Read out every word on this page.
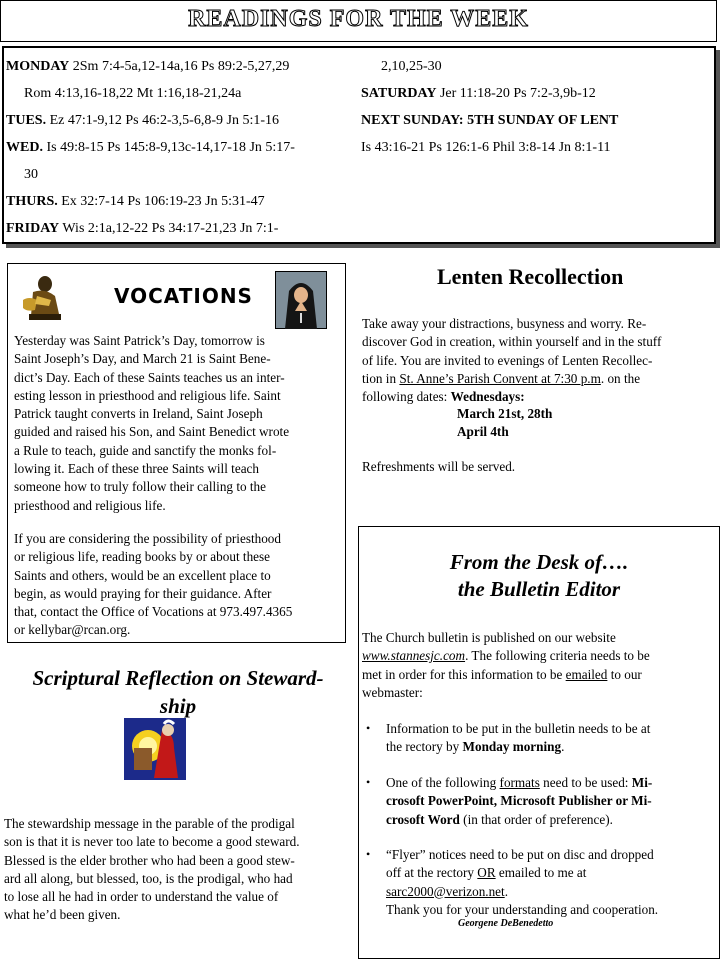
READINGS FOR THE WEEK
MONDAY 2Sm 7:4-5a,12-14a,16 Ps 89:2-5,27,29
Rom 4:13,16-18,22 Mt 1:16,18-21,24a
TUES. Ez 47:1-9,12 Ps 46:2-3,5-6,8-9 Jn 5:1-16
WED. Is 49:8-15 Ps 145:8-9,13c-14,17-18 Jn 5:17-
30
THURS. Ex 32:7-14 Ps 106:19-23 Jn 5:31-47
FRIDAY Wis 2:1a,12-22 Ps 34:17-21,23 Jn 7:1-
2,10,25-30
SATURDAY Jer 11:18-20 Ps 7:2-3,9b-12
NEXT SUNDAY: 5TH SUNDAY OF LENT
Is 43:16-21 Ps 126:1-6 Phil 3:8-14 Jn 8:1-11
VOCATIONS
Yesterday was Saint Patrick’s Day, tomorrow is
Saint Joseph’s Day, and March 21 is Saint Bene-
dict’s Day. Each of these Saints teaches us an inter-
esting lesson in priesthood and religious life. Saint
Patrick taught converts in Ireland, Saint Joseph
guided and raised his Son, and Saint Benedict wrote
a Rule to teach, guide and sanctify the monks fol-
lowing it. Each of these three Saints will teach
someone how to truly follow their calling to the
priesthood and religious life.
If you are considering the possibility of priesthood
or religious life, reading books by or about these
Saints and others, would be an excellent place to
begin, as would praying for their guidance. After
that, contact the Office of Vocations at 973.497.4365
or kellybar@rcan.org.
Scriptural Reflection on Steward-
ship
The stewardship message in the parable of the prodigal
son is that it is never too late to become a good steward.
Blessed is the elder brother who had been a good stew-
ard all along, but blessed, too, is the prodigal, who had
to lose all he had in order to understand the value of
what he’d been given.
Lenten Recollection
Take away your distractions, busyness and worry. Re-
discover God in creation, within yourself and in the stuff
of life. You are invited to evenings of Lenten Recollec-
tion in St. Anne’s Parish Convent at 7:30 p.m. on the
following dates: Wednesdays:
March 21st, 28th
April 4th
Refreshments will be served.
From the Desk of….
the Bulletin Editor
The Church bulletin is published on our website
www.stannesjc.com. The following criteria needs to be
met in order for this information to be emailed to our
webmaster:
• Information to be put in the bulletin needs to be at
the rectory by Monday morning.
• One of the following formats need to be used: Mi-
crosoft PowerPoint, Microsoft Publisher or Mi-
crosoft Word (in that order of preference).
• “Flyer” notices need to be put on disc and dropped
off at the rectory OR emailed to me at
sarc2000@verizon.net.
Thank you for your understanding and cooperation.
Georgene DeBenedetto
